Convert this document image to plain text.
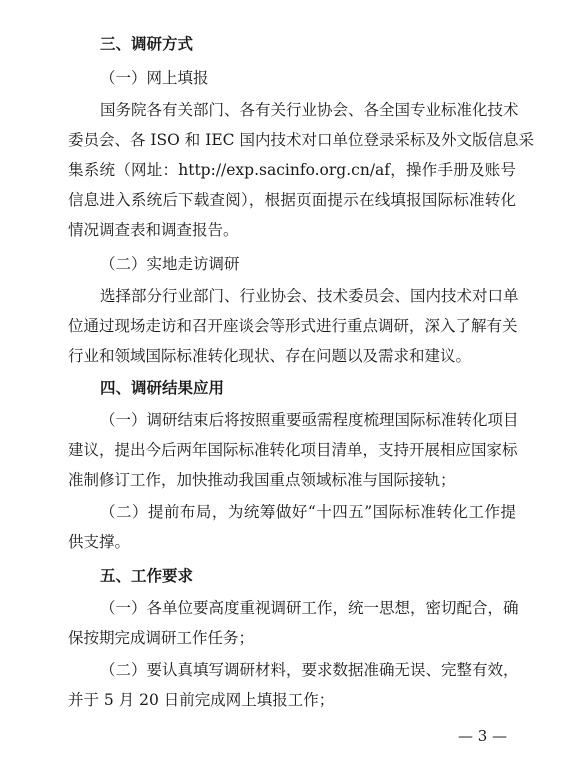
三、调研方式
（一）网上填报
国务院各有关部门、各有关行业协会、各全国专业标准化技术
委员会、各 ISO 和 IEC 国内技术对口单位登录采标及外文版信息采
集系统（网址：http://exp.sacinfo.org.cn/af，操作手册及账号
信息进入系统后下载查阅），根据页面提示在线填报国际标准转化
情况调查表和调查报告。
（二）实地走访调研
选择部分行业部门、行业协会、技术委员会、国内技术对口单
位通过现场走访和召开座谈会等形式进行重点调研，深入了解有关
行业和领域国际标准转化现状、存在问题以及需求和建议。
四、调研结果应用
（一）调研结束后将按照重要亟需程度梳理国际标准转化项目
建议，提出今后两年国际标准转化项目清单，支持开展相应国家标
准制修订工作，加快推动我国重点领域标准与国际接轨；
（二）提前布局，为统筹做好“十四五”国际标准转化工作提
供支撑。
五、工作要求
（一）各单位要高度重视调研工作，统一思想，密切配合，确
保按期完成调研工作任务；
（二）要认真填写调研材料，要求数据准确无误、完整有效，
并于 5 月 20 日前完成网上填报工作；
— 3 —
